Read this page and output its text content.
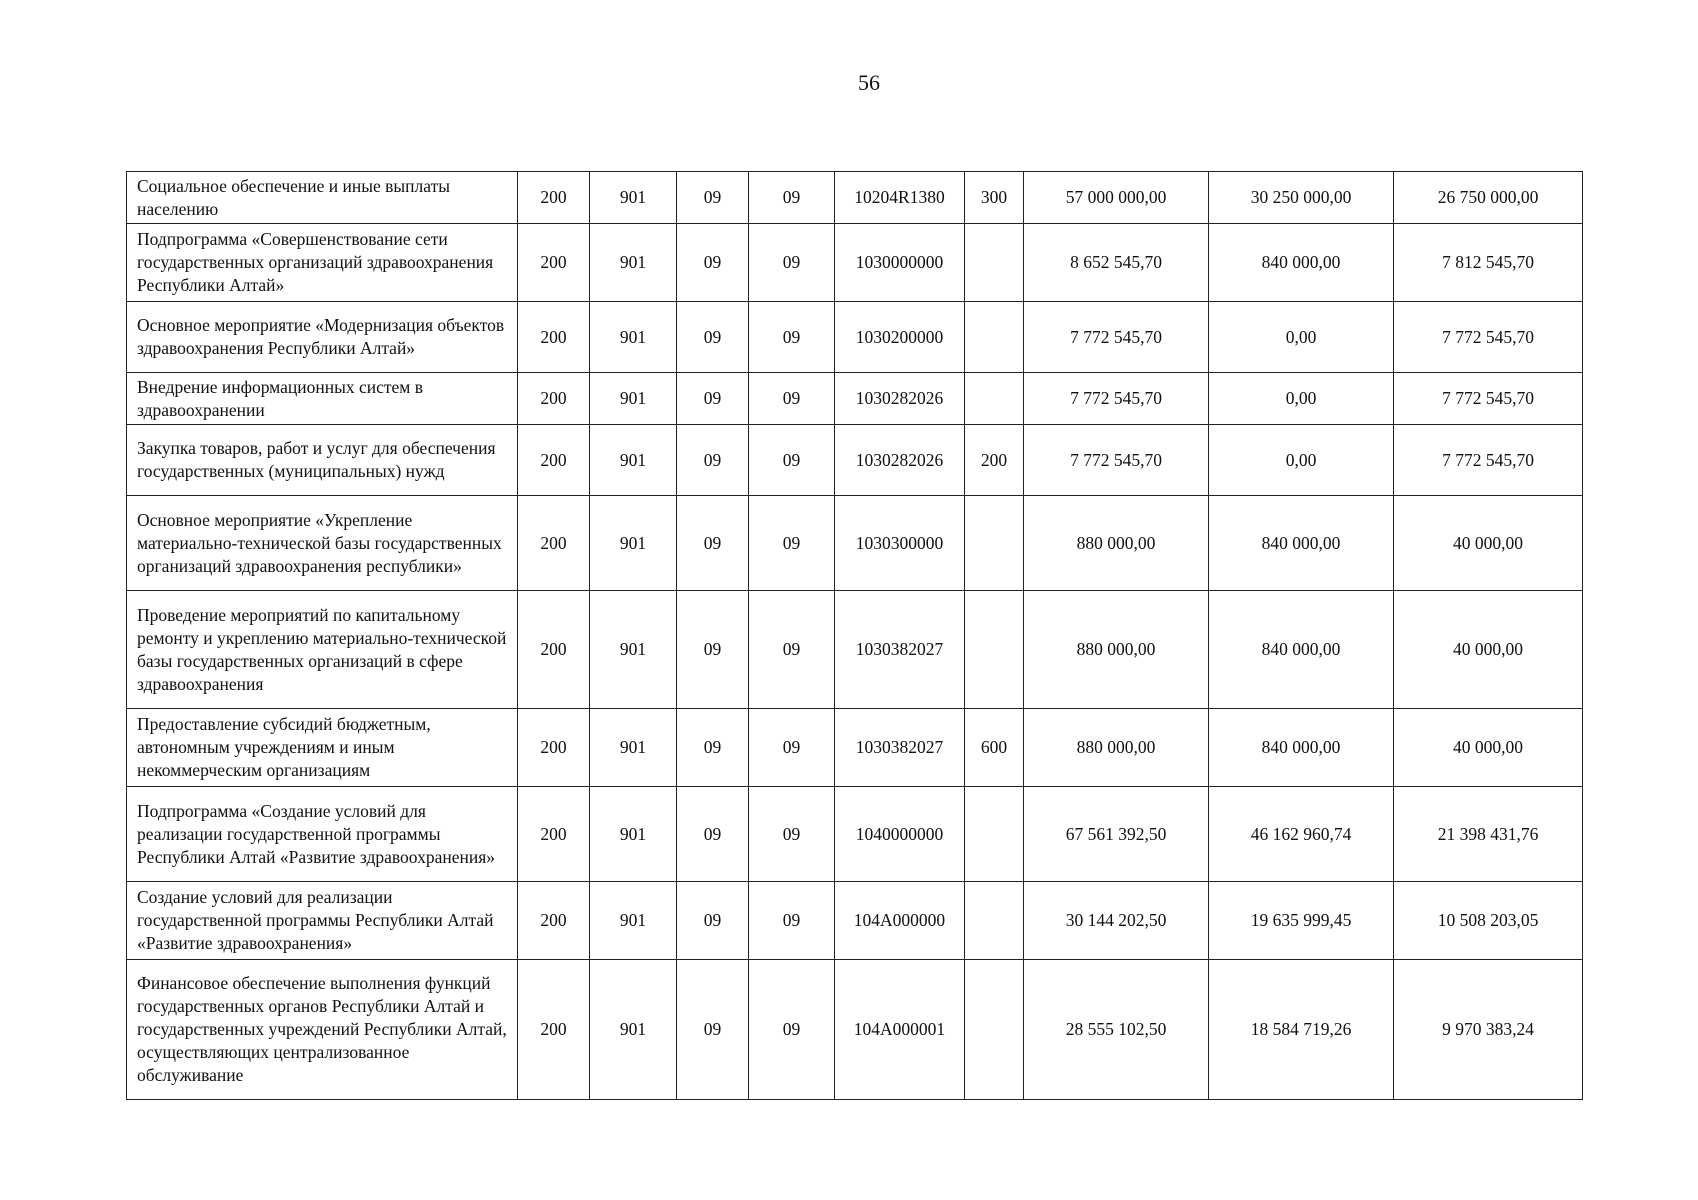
56
Социальное обеспечение и иные выплаты населению	200	901	09	09	10204R1380	300	57 000 000,00	30 250 000,00	26 750 000,00
Подпрограмма «Совершенствование сети государственных организаций здравоохранения Республики Алтай»	200	901	09	09	1030000000		8 652 545,70	840 000,00	7 812 545,70
Основное мероприятие «Модернизация объектов здравоохранения Республики Алтай»	200	901	09	09	1030200000		7 772 545,70	0,00	7 772 545,70
Внедрение информационных систем в здравоохранении	200	901	09	09	1030282026		7 772 545,70	0,00	7 772 545,70
Закупка товаров, работ и услуг для обеспечения государственных (муниципальных) нужд	200	901	09	09	1030282026	200	7 772 545,70	0,00	7 772 545,70
Основное мероприятие «Укрепление материально-технической базы государственных организаций здравоохранения республики»	200	901	09	09	1030300000		880 000,00	840 000,00	40 000,00
Проведение мероприятий по капитальному ремонту и укреплению материально-технической базы государственных организаций в сфере здравоохранения	200	901	09	09	1030382027		880 000,00	840 000,00	40 000,00
Предоставление субсидий бюджетным, автономным учреждениям и иным некоммерческим организациям	200	901	09	09	1030382027	600	880 000,00	840 000,00	40 000,00
Подпрограмма «Создание условий для реализации государственной программы Республики Алтай «Развитие здравоохранения»	200	901	09	09	1040000000		67 561 392,50	46 162 960,74	21 398 431,76
Создание условий для реализации государственной программы Республики Алтай «Развитие здравоохранения»	200	901	09	09	104A000000		30 144 202,50	19 635 999,45	10 508 203,05
Финансовое обеспечение выполнения функций государственных органов Республики Алтай и государственных учреждений Республики Алтай, осуществляющих централизованное обслуживание	200	901	09	09	104A000001		28 555 102,50	18 584 719,26	9 970 383,24
